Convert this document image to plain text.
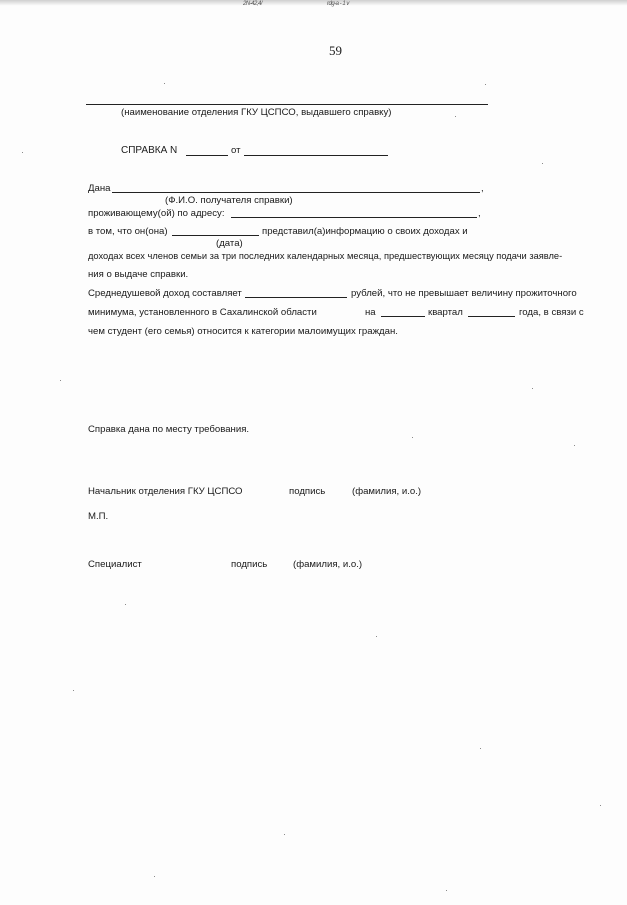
2N-42,4/	rdg-a - 1 v
59
(наименование отделения ГКУ ЦСПСО, выдавшего справку)
СПРАВКА N	от
Дана	,
(Ф.И.О. получателя справки)
проживающему(ой) по адресу:	,
в том, что он(она)	представил(а)информацию о своих доходах и
(дата)
доходах всех членов семьи за три последних календарных месяца, предшествующих месяцу подачи заявле-
ния о выдаче справки.
Среднедушевой доход составляет	рублей, что не превышает величину прожиточного
минимума, установленного в Сахалинской области	на	квартал	года, в связи с
чем студент (его семья) относится к категории малоимущих граждан.
Справка дана по месту требования.
Начальник отделения ГКУ ЦСПСО	подпись	(фамилия, и.о.)
М.П.
Специалист	подпись	(фамилия, и.о.)
